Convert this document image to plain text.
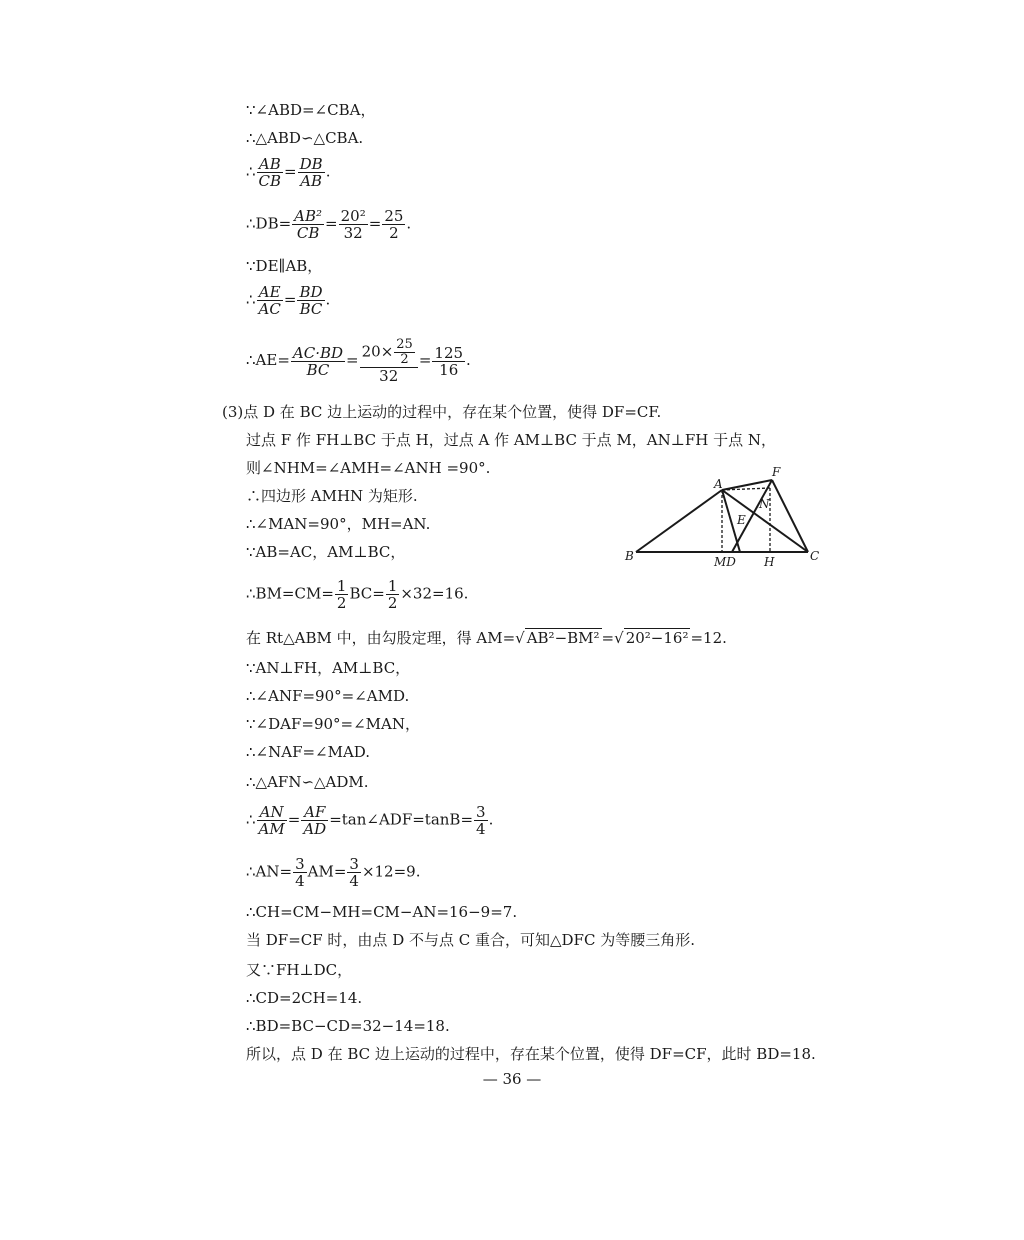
∵∠ABD=∠CBA，
∴△ABD∽△CBA.
∴ $\frac{AB}{CB} = \frac{DB}{AB}$ .
∴DB= $\frac{\text{AB²}}{CB} = \frac{\text{20²}}{32} = \frac{25}{2}$ .
∵DE∥AB，
∴ $\frac{AE}{AC} = \frac{BD}{BC}$ .
∴AE= $\frac{AC\cdot BD}{BC} = \frac{20\times \frac{25}{2}}{32} = \frac{125}{16}$ .
(3)点 D 在 BC 边上运动的过程中，存在某个位置，使得 DF=CF.
过点 F 作 FH⊥BC 于点 H，过点 A 作 AM⊥BC 于点 M，AN⊥FH 于点 N，
则∠NHM=∠AMH=∠ANH =90°.
∴四边形 AMHN 为矩形.
∴∠MAN=90°，MH=AN.
∵AB=AC，AM⊥BC，
∴BM=CM= $\frac{1}{2} BC= \frac{1}{2} \times 32=16$.
在 Rt△ABM 中，由勾股定理，得 AM=√ AB²−BM² =√ 20²−16² =12.
∵AN⊥FH，AM⊥BC，
∴∠ANF=90°=∠AMD.
∵∠DAF=90°=∠MAN，
∴∠NAF=∠MAD.
∴△AFN∽△ADM.
∴ $\frac{AN}{AM} = \frac{AF}{AD}$ =tan∠ADF=tanB= $\frac{3}{4}$ .
∴AN= $\frac{3}{4} AM= \frac{3}{4} \times 12=9$.
∴CH=CM−MH=CM−AN=16−9=7.
当 DF=CF 时，由点 D 不与点 C 重合，可知△DFC 为等腰三角形.
又∵FH⊥DC，
∴CD=2CH=14.
∴BD=BC−CD=32−14=18.
所以，点 D 在 BC 边上运动的过程中，存在某个位置，使得 DF=CF，此时 BD=18.
A
B	C
F
E
N
MD H
— 36 —
